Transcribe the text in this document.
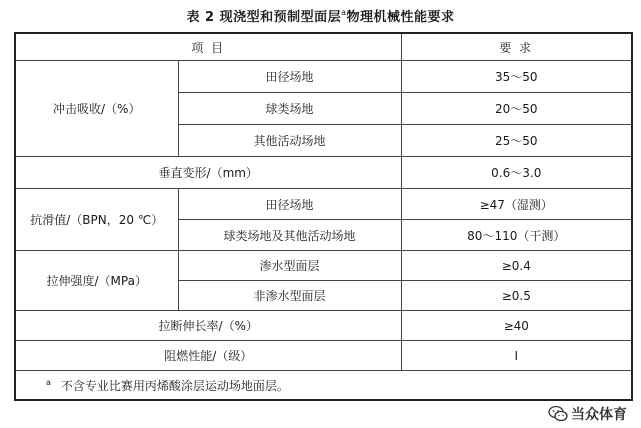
表 2 现浇型和预制型面层$^a$物理机械性能要求
项 目		要 求
冲击吸收/（%）	田径场地	35～50
	球类场地	20～50
	其他活动场地	25～50
垂直变形/（mm）		0.6～3.0
抗滑值/（BPN，20 ℃）	田径场地	≥47（湿测）
	球类场地及其他活动场地	80～110（干测）
拉伸强度/（MPa）	渗水型面层	≥0.4
	非渗水型面层	≥0.5
拉断伸长率/（%）		≥40
阻燃性能/（级）		Ⅰ
$^a$ 不含专业比赛用丙烯酸涂层运动场地面层。		
当众体育
